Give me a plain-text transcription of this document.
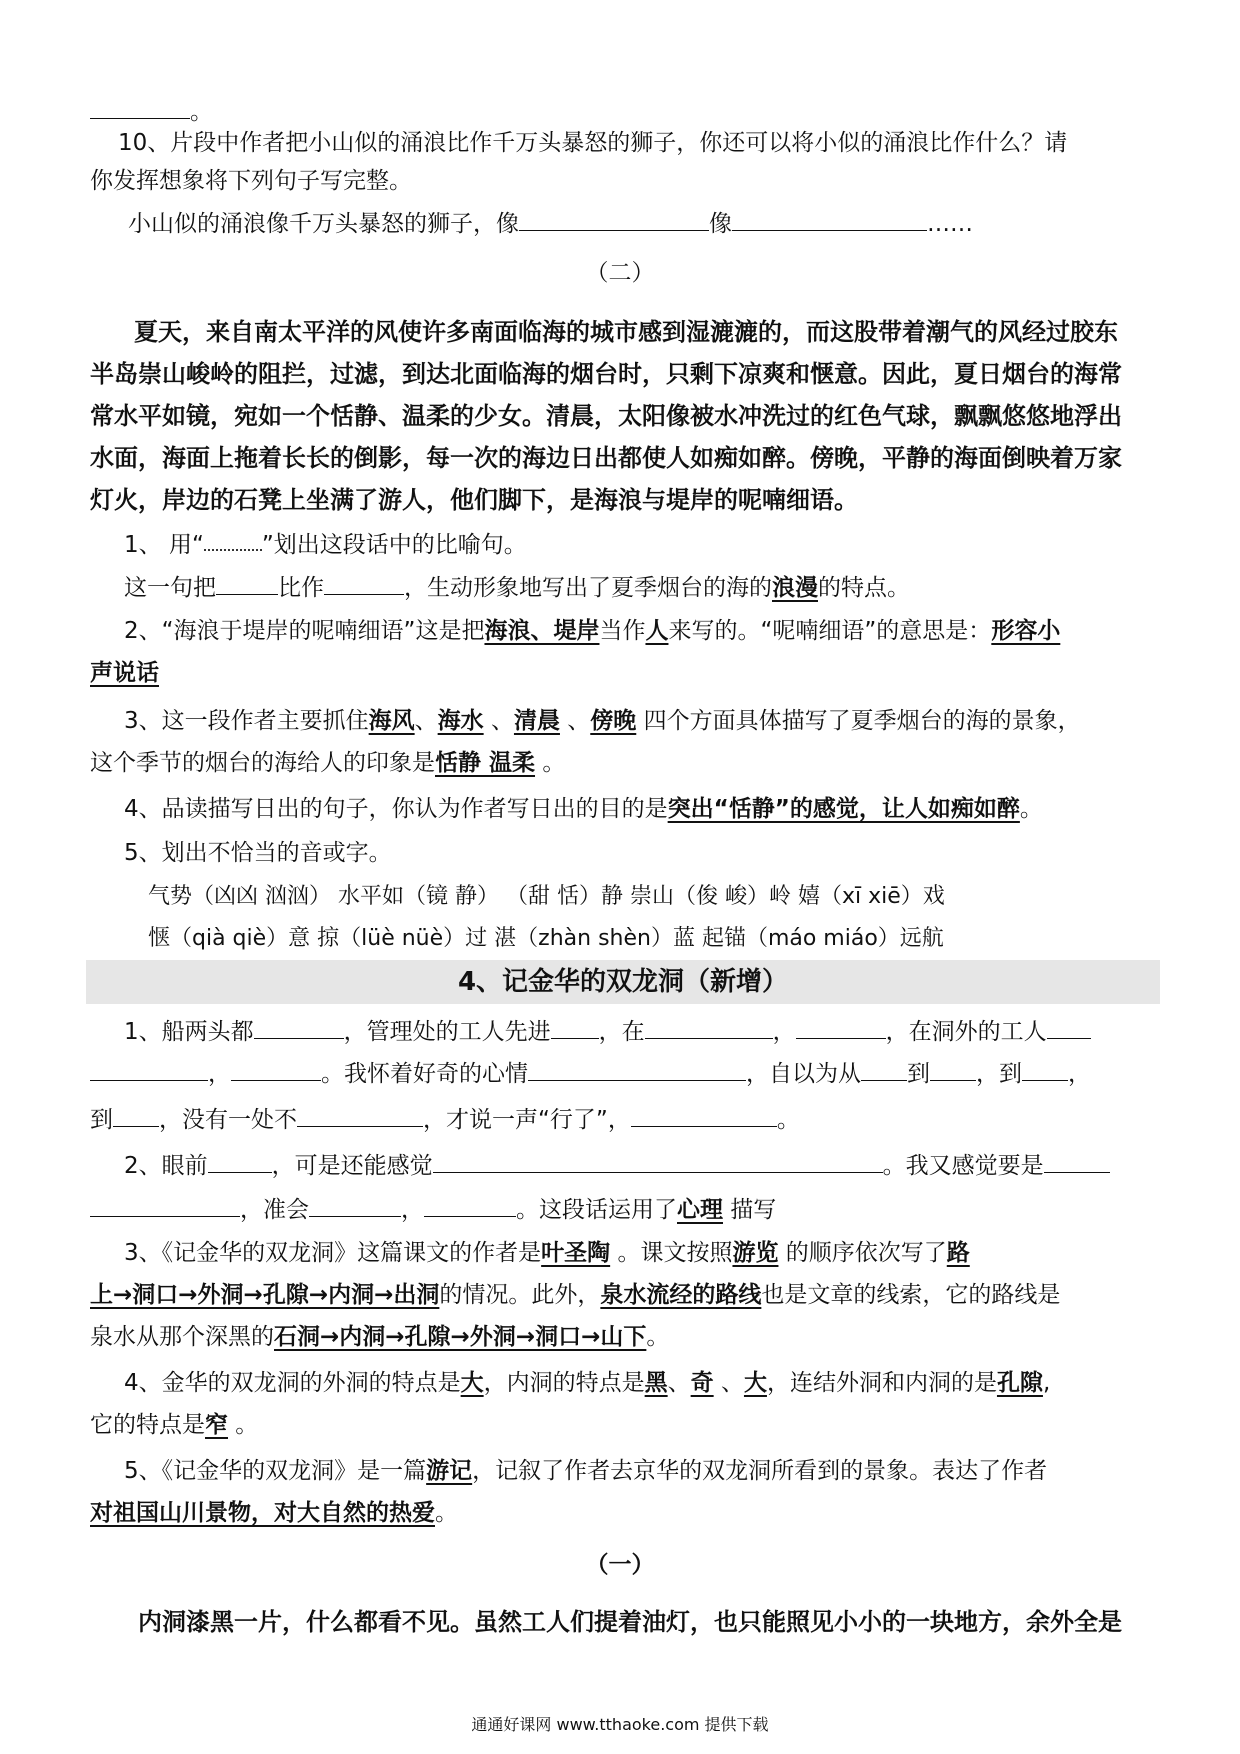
。
10、片段中作者把小山似的涌浪比作千万头暴怒的狮子，你还可以将小似的涌浪比作什么？请
你发挥想象将下列句子写完整。
小山似的涌浪像千万头暴怒的狮子，像	像	……
（二）
夏天，来自南太平洋的风使许多南面临海的城市感到湿漉漉的，而这股带着潮气的风经过胶东
半岛崇山峻岭的阻拦，过滤，到达北面临海的烟台时，只剩下凉爽和惬意。因此，夏日烟台的海常
常水平如镜，宛如一个恬静、温柔的少女。清晨，太阳像被水冲洗过的红色气球，飘飘悠悠地浮出
水面，海面上拖着长长的倒影，每一次的海边日出都使人如痴如醉。傍晚，平静的海面倒映着万家
灯火，岸边的石凳上坐满了游人，他们脚下，是海浪与堤岸的呢喃细语。
1、 用“	”划出这段话中的比喻句。
这一句把	比作	，生动形象地写出了夏季烟台的海的浪漫的特点。
2、“海浪于堤岸的呢喃细语”这是把海浪、堤岸当作人来写的。“呢喃细语”的意思是：形容小
声说话
3、这一段作者主要抓住海风、海水 、清晨 、傍晚 四个方面具体描写了夏季烟台的海的景象，
这个季节的烟台的海给人的印象是恬静 温柔 。
4、品读描写日出的句子，你认为作者写日出的目的是突出“恬静”的感觉，让人如痴如醉。
5、划出不恰当的音或字。
气势（凶凶 汹汹） 水平如（镜 静） （甜 恬）静 崇山（俊 峻）岭 嬉（xī xiē）戏
惬（qià qiè）意 掠（lüè nüè）过 湛（zhàn shèn）蓝 起锚（máo miáo）远航
4、记金华的双龙洞（新增）
1、船两头都	，管理处的工人先进 ，在	，	，在洞外的工人
，	。我怀着好奇的心情	，自以为从 到 ，到 ，
到 ，没有一处不	，才说一声“行了”，	。
2、眼前	，可是还能感觉	。我又感觉要是
，准会	，	。这段话运用了心理 描写
3、《记金华的双龙洞》这篇课文的作者是叶圣陶 。课文按照游览 的顺序依次写了路
上→洞口→外洞→孔隙→内洞→出洞的情况。此外，泉水流经的路线也是文章的线索，它的路线是
泉水从那个深黑的石洞→内洞→孔隙→外洞→洞口→山下。
4、金华的双龙洞的外洞的特点是大，内洞的特点是黑、奇 、大，连结外洞和内洞的是孔隙,
它的特点是窄 。
5、《记金华的双龙洞》是一篇游记，记叙了作者去京华的双龙洞所看到的景象。表达了作者
对祖国山川景物，对大自然的热爱。
（一）
内洞漆黑一片，什么都看不见。虽然工人们提着油灯，也只能照见小小的一块地方，余外全是
通通好课网 www.tthaoke.com 提供下载
